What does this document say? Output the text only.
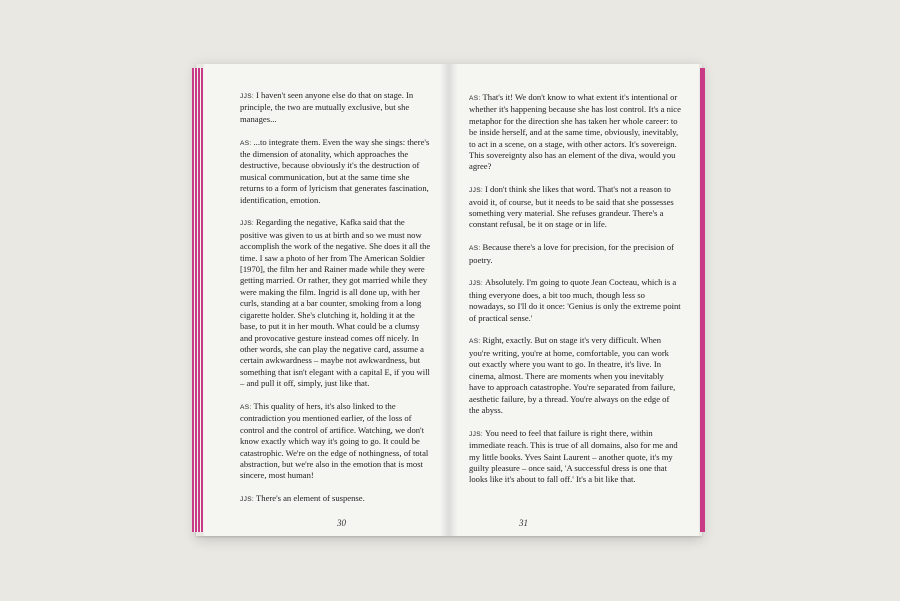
JJS: I haven't seen anyone else do that on stage. In principle, the two are mutually exclusive, but she manages...
AS: ...to integrate them. Even the way she sings: there's the dimension of atonality, which approaches the destructive, because obviously it's the destruction of musical communication, but at the same time she returns to a form of lyricism that generates fascination, identification, emotion.
JJS: Regarding the negative, Kafka said that the positive was given to us at birth and so we must now accomplish the work of the negative. She does it all the time. I saw a photo of her from The American Soldier [1970], the film her and Rainer made while they were getting married. Or rather, they got married while they were making the film. Ingrid is all done up, with her curls, standing at a bar counter, smoking from a long cigarette holder. She's clutching it, holding it at the base, to put it in her mouth. What could be a clumsy and provocative gesture instead comes off nicely. In other words, she can play the negative card, assume a certain awkwardness – maybe not awkwardness, but something that isn't elegant with a capital E, if you will – and pull it off, simply, just like that.
AS: This quality of hers, it's also linked to the contradiction you mentioned earlier, of the loss of control and the control of artifice. Watching, we don't know exactly which way it's going to go. It could be catastrophic. We're on the edge of nothingness, of total abstraction, but we're also in the emotion that is most sincere, most human!
JJS: There's an element of suspense.
30
AS: That's it! We don't know to what extent it's intentional or whether it's happening because she has lost control. It's a nice metaphor for the direction she has taken her whole career: to be inside herself, and at the same time, obviously, inevitably, to act in a scene, on a stage, with other actors. It's sovereign. This sovereignty also has an element of the diva, would you agree?
JJS: I don't think she likes that word. That's not a reason to avoid it, of course, but it needs to be said that she possesses something very material. She refuses grandeur. There's a constant refusal, be it on stage or in life.
AS: Because there's a love for precision, for the precision of poetry.
JJS: Absolutely. I'm going to quote Jean Cocteau, which is a thing everyone does, a bit too much, though less so nowadays, so I'll do it once: 'Genius is only the extreme point of practical sense.'
AS: Right, exactly. But on stage it's very difficult. When you're writing, you're at home, comfortable, you can work out exactly where you want to go. In theatre, it's live. In cinema, almost. There are moments when you inevitably have to approach catastrophe. You're separated from failure, aesthetic failure, by a thread. You're always on the edge of the abyss.
JJS: You need to feel that failure is right there, within immediate reach. This is true of all domains, also for me and my little books. Yves Saint Laurent – another quote, it's my guilty pleasure – once said, 'A successful dress is one that looks like it's about to fall off.' It's a bit like that.
31
